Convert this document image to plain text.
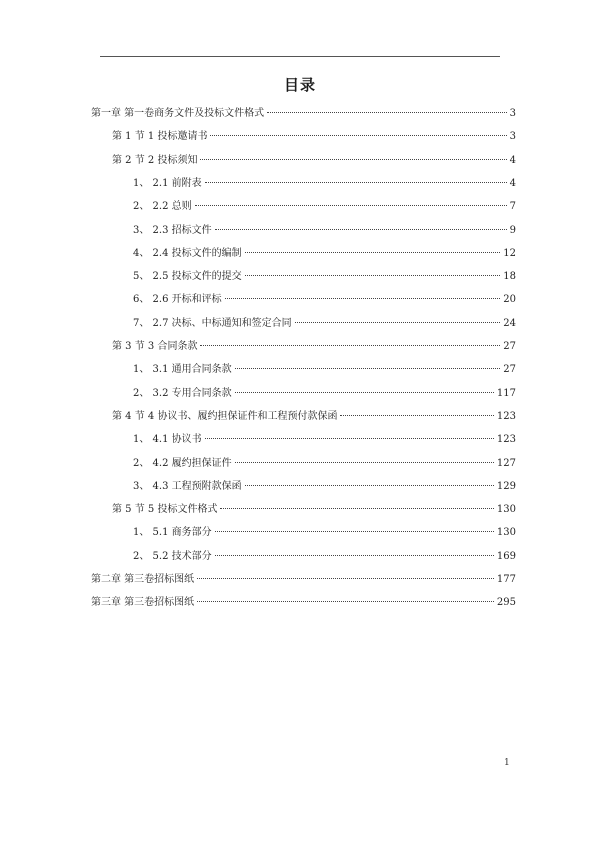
目录
第一章 第一卷商务文件及投标文件格式	3
第 1 节 1 投标邀请书	3
第 2 节 2 投标须知	4
1、 2.1 前附表	4
2、 2.2 总则	7
3、 2.3 招标文件	9
4、 2.4 投标文件的编制	12
5、 2.5 投标文件的提交	18
6、 2.6 开标和评标	20
7、 2.7 决标、中标通知和签定合同	24
第 3 节 3 合同条款	27
1、 3.1 通用合同条款	27
2、 3.2 专用合同条款	117
第 4 节 4 协议书、履约担保证件和工程预付款保函	123
1、 4.1 协议书	123
2、 4.2 履约担保证件	127
3、 4.3 工程预附款保函	129
第 5 节 5 投标文件格式	130
1、 5.1 商务部分	130
2、 5.2 技术部分	169
第二章 第三卷招标图纸	177
第三章 第三卷招标图纸	295
1
